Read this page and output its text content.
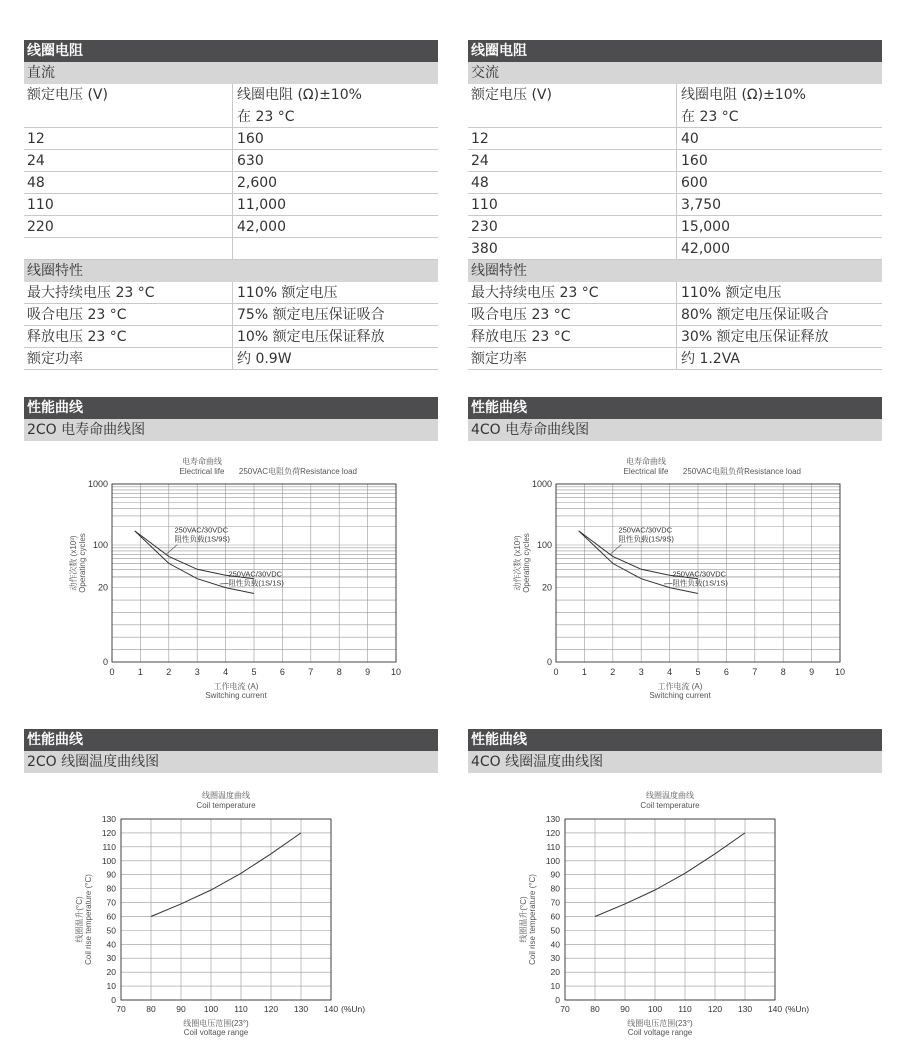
线圈电阻
直流
额定电压 (V)	线圈电阻 (Ω)±10%
在 23 °C
12	160
24	630
48	2,600
110	11,000
220	42,000
线圈特性
最大持续电压 23 °C	110% 额定电压
吸合电压 23 °C	75% 额定电压保证吸合
释放电压 23 °C	10% 额定电压保证释放
额定功率	约 0.9W
线圈电阻
交流
额定电压 (V)	线圈电阻 (Ω)±10%
在 23 °C
12	40
24	160
48	600
110	3,750
230	15,000
380	42,000
线圈特性
最大持续电压 23 °C	110% 额定电压
吸合电压 23 °C	80% 额定电压保证吸合
释放电压 23 °C	30% 额定电压保证释放
额定功率	约 1.2VA
性能曲线
2CO 电寿命曲线图
性能曲线
4CO 电寿命曲线图
性能曲线
2CO 线圈温度曲线图
性能曲线
4CO 线圈温度曲线图
电寿命曲线
Electrical life 250VAC电阻负荷Resistance load
0	1	2	3	4	5	6	7	8	9 10
1000
100
20
0
工作电流 (A)
Switching current
动作次数 (x10³) Operating cycles
250VAC/30VDC
阻性负载(1S/9S)
250VAC/30VDC
阻性负载(1S/1S)
电寿命曲线
Electrical life 250VAC电阻负荷Resistance load
0	1	2	3	4	5	6	7	8	9 10
1000
100
20
0
工作电流 (A)
Switching current
动作次数 (x10³) Operating cycles
250VAC/30VDC
阻性负载(1S/9S)
250VAC/30VDC
阻性负载(1S/1S)
线圈温度曲线
Coil temperature
70 80 90 100 110 120 130 140 (%Un)
0
10
20
30
40
50
60
70
80
90
100
110
120
130
线圈电压范围(23°)
Coil voltage range
线圈温升(°C) Coil rise temperature (°C)
线圈温度曲线
Coil temperature
70 80 90 100 110 120 130 140 (%Un)
0
10
20
30
40
50
60
70
80
90
100
110
120
130
线圈电压范围(23°)
Coil voltage range
线圈温升(°C) Coil rise temperature (°C)
